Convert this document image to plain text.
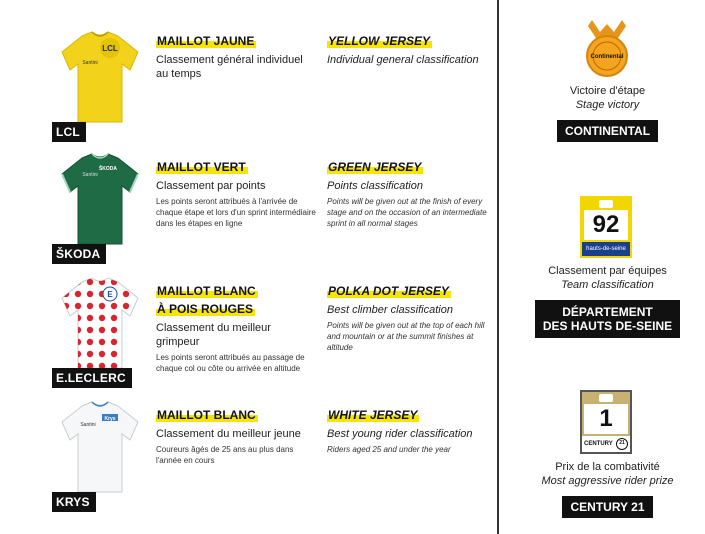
LCL
Santini
LCL
MAILLOT JAUNE
Classement général individuel au temps
YELLOW JERSEY
Individual general classification
ŠKODA
Santini
ŠKODA
MAILLOT VERT
Classement par points
Les points seront attribués à l'arrivée de chaque étape et lors d'un sprint intermédiaire dans les étapes en ligne
GREEN JERSEY
Points classification
Points will be given out at the finish of every stage and on the occasion of an intermediate sprint in all normal stages
E
E.LECLERC
MAILLOT BLANC
À POIS ROUGES
Classement du meilleur grimpeur
Les points seront attribués au passage de chaque col ou côte ou arrivée en altitude
POLKA DOT JERSEY
Best climber classification
Points will be given out at the top of each hill and mountain or at the summit finishes at altitude
Krys
Santini
KRYS
MAILLOT BLANC
Classement du meilleur jeune
Coureurs âgés de 25 ans au plus dans l'année en cours
WHITE JERSEY
Best young rider classification
Riders aged 25 and under the year
Continental
Victoire d'étape
Stage victory
CONTINENTAL
92
hauts-de-seine
Classement par équipes
Team classification
DÉPARTEMENT
DES HAUTS DE-SEINE
1
CENTURY	21
Prix de la combativité
Most aggressive rider prize
CENTURY 21
